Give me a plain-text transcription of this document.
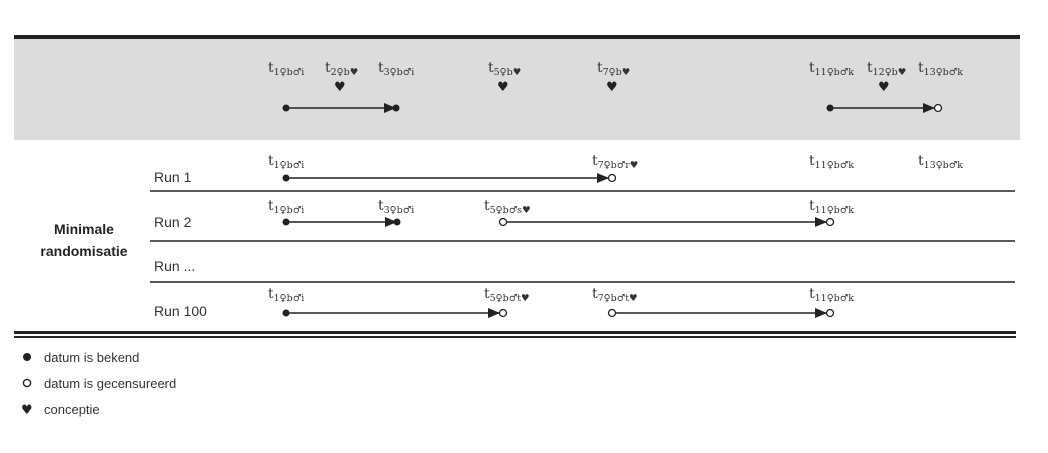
$t_{1♀b♂i}$ $t_{2♀b♥}$ $t_{3♀b♂i}$	$t_{5♀b♥}$	$t_{7♀b♥}$	$t_{11♀b♂k}$ $t_{12♀b♥}$ $t_{13♀b♂k}$
♥	♥	♥	♥
Minimale
randomisatie
Run 1
$t_{1♀b♂i}$	$t_{7♀b♂r♥}$	$t_{11♀b♂k}$	$t_{13♀b♂k}$
Run 2
$t_{1♀b♂i}$	$t_{3♀b♂i}$	$t_{5♀b♂s♥}$	$t_{11♀b♂k}$
Run ...
Run 100
$t_{1♀b♂i}$	$t_{5♀b♂t♥}$	$t_{7♀b♂t♥}$	$t_{11♀b♂k}$
datum is bekend
datum is gecensureerd
♥ conceptie
